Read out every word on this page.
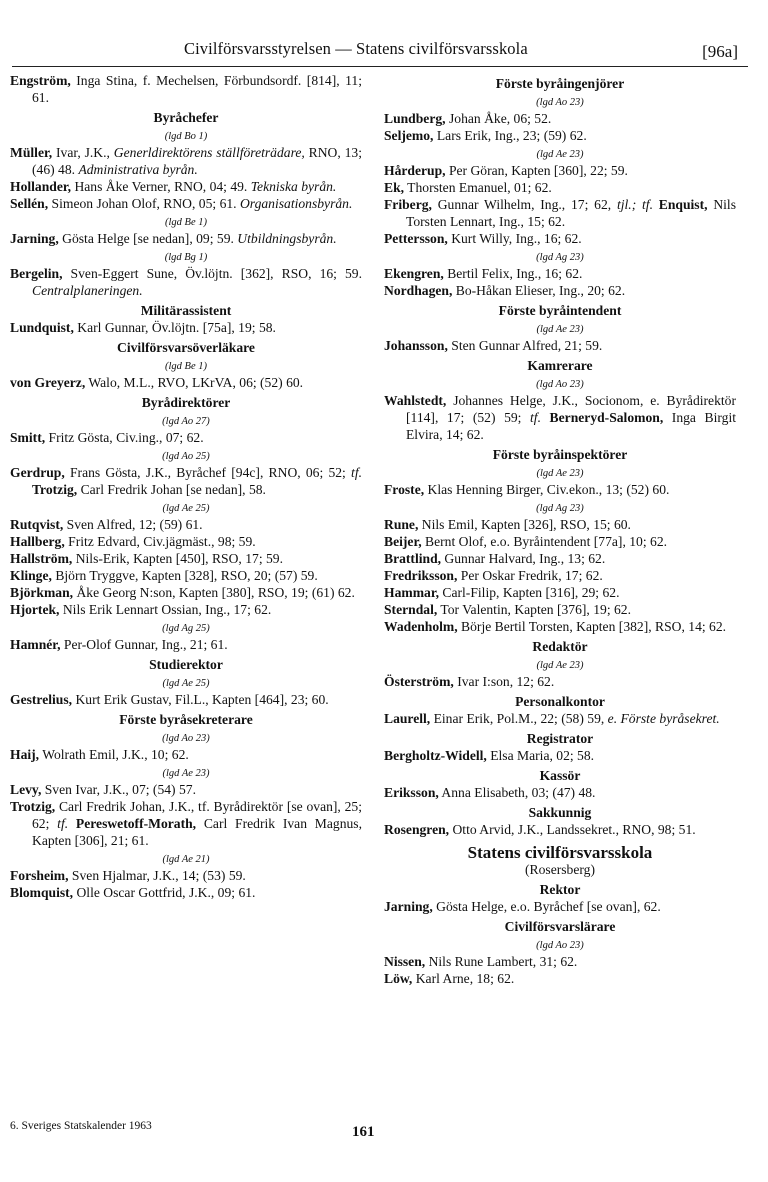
Civilförsvarsstyrelsen — Statens civilförsvarsskola	[96a]

Engström, Inga Stina, f. Mechelsen, Förbundsordf. [814], 11; 61.

Byråchefer
(lgd Bo 1)

Müller, Ivar, J.K., Generldirektörens ställföreträdare, RNO, 13; (46) 48. Administrativa byrån.

Hollander, Hans Åke Verner, RNO, 04; 49. Tekniska byrån.

Sellén, Simeon Johan Olof, RNO, 05; 61. Organisationsbyrån.

(lgd Be 1)

Jarning, Gösta Helge [se nedan], 09; 59. Utbildningsbyrån.

(lgd Bg 1)

Bergelin, Sven-Eggert Sune, Öv.löjtn. [362], RSO, 16; 59. Centralplaneringen.

Militärassistent

Lundquist, Karl Gunnar, Öv.löjtn. [75a], 19; 58.

Civilförsvarsöverläkare
(lgd Be 1)

von Greyerz, Walo, M.L., RVO, LKrVA, 06; (52) 60.

Byrådirektörer
(lgd Ao 27)

Smitt, Fritz Gösta, Civ.ing., 07; 62.

(lgd Ao 25)

Gerdrup, Frans Gösta, J.K., Byråchef [94c], RNO, 06; 52; tf. Trotzig, Carl Fredrik Johan [se nedan], 58.

(lgd Ae 25)

Rutqvist, Sven Alfred, 12; (59) 61.

Hallberg, Fritz Edvard, Civ.jägmäst., 98; 59.

Hallström, Nils-Erik, Kapten [450], RSO, 17; 59.

Klinge, Björn Tryggve, Kapten [328], RSO, 20; (57) 59.

Björkman, Åke Georg N:son, Kapten [380], RSO, 19; (61) 62.

Hjortek, Nils Erik Lennart Ossian, Ing., 17; 62.

(lgd Ag 25)

Hamnér, Per-Olof Gunnar, Ing., 21; 61.

Studierektor
(lgd Ae 25)

Gestrelius, Kurt Erik Gustav, Fil.L., Kapten [464], 23; 60.

Förste byråsekreterare
(lgd Ao 23)

Haij, Wolrath Emil, J.K., 10; 62.

(lgd Ae 23)

Levy, Sven Ivar, J.K., 07; (54) 57.

Trotzig, Carl Fredrik Johan, J.K., tf. Byrådirektör [se ovan], 25; 62; tf. Pereswetoff-Morath, Carl Fredrik Ivan Magnus, Kapten [306], 21; 61.

(lgd Ae 21)

Forsheim, Sven Hjalmar, J.K., 14; (53) 59.

Blomquist, Olle Oscar Gottfrid, J.K., 09; 61.

Förste byråingenjörer
(lgd Ao 23)

Lundberg, Johan Åke, 06; 52.

Seljemo, Lars Erik, Ing., 23; (59) 62.

(lgd Ae 23)

Hårderup, Per Göran, Kapten [360], 22; 59.

Ek, Thorsten Emanuel, 01; 62.

Friberg, Gunnar Wilhelm, Ing., 17; 62, tjl.; tf. Enquist, Nils Torsten Lennart, Ing., 15; 62.

Pettersson, Kurt Willy, Ing., 16; 62.

(lgd Ag 23)

Ekengren, Bertil Felix, Ing., 16; 62.

Nordhagen, Bo-Håkan Elieser, Ing., 20; 62.

Förste byråintendent
(lgd Ae 23)

Johansson, Sten Gunnar Alfred, 21; 59.

Kamrerare
(lgd Ao 23)

Wahlstedt, Johannes Helge, J.K., Socionom, e. Byrådirektör [114], 17; (52) 59; tf. Berneryd-Salomon, Inga Birgit Elvira, 14; 62.

Förste byråinspektörer
(lgd Ae 23)

Froste, Klas Henning Birger, Civ.ekon., 13; (52) 60.

(lgd Ag 23)

Rune, Nils Emil, Kapten [326], RSO, 15; 60.

Beijer, Bernt Olof, e.o. Byråintendent [77a], 10; 62.

Brattlind, Gunnar Halvard, Ing., 13; 62.

Fredriksson, Per Oskar Fredrik, 17; 62.

Hammar, Carl-Filip, Kapten [316], 29; 62.

Sterndal, Tor Valentin, Kapten [376], 19; 62.

Wadenholm, Börje Bertil Torsten, Kapten [382], RSO, 14; 62.

Redaktör
(lgd Ae 23)

Österström, Ivar I:son, 12; 62.

Personalkontor

Laurell, Einar Erik, Pol.M., 22; (58) 59, e. Förste byråsekret.

Registrator

Bergholtz-Widell, Elsa Maria, 02; 58.

Kassör

Eriksson, Anna Elisabeth, 03; (47) 48.

Sakkunnig

Rosengren, Otto Arvid, J.K., Landssekret., RNO, 98; 51.

Statens civilförsvarsskola
(Rosersberg)
Rektor

Jarning, Gösta Helge, e.o. Byråchef [se ovan], 62.

Civilförsvarslärare
(lgd Ao 23)

Nissen, Nils Rune Lambert, 31; 62.

Löw, Karl Arne, 18; 62.

6. Sveriges Statskalender 1963	161
